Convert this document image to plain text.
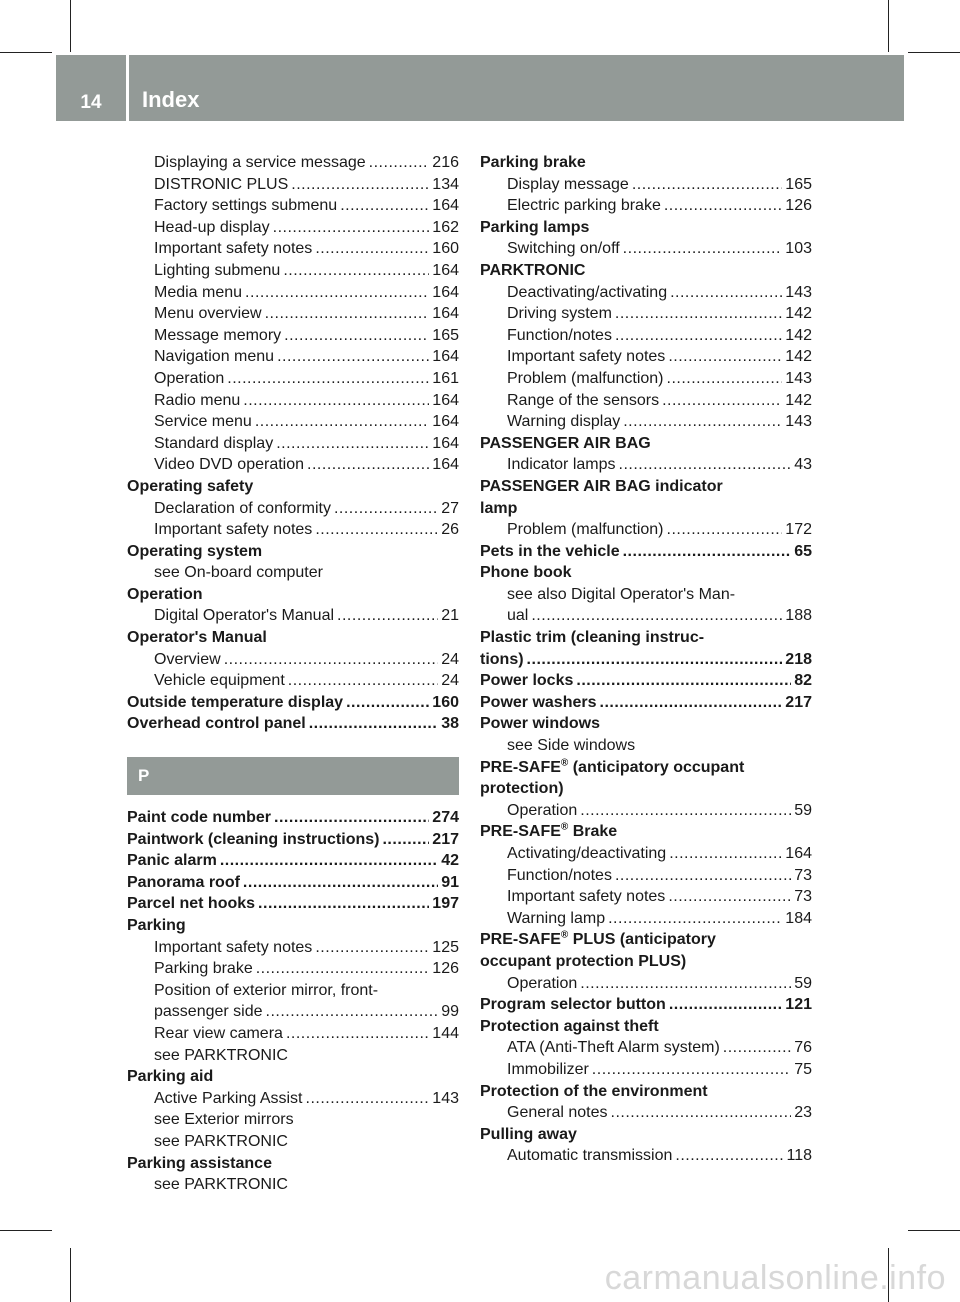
14	Index
Displaying a service message .....	216
DISTRONIC PLUS .....	134
Factory settings submenu .....	164
Head-up display .....	162
Important safety notes .....	160
Lighting submenu .....	164
Media menu .....	164
Menu overview .....	164
Message memory .....	165
Navigation menu .....	164
Operation .....	161
Radio menu .....	164
Service menu .....	164
Standard display .....	164
Video DVD operation .....	164
Operating safety
Declaration of conformity .....	27
Important safety notes .....	26
Operating system
see On-board computer
Operation
Digital Operator's Manual .....	21
Operator's Manual
Overview .....	24
Vehicle equipment .....	24
Outside temperature display .....	160
Overhead control panel .....	38
P
Paint code number .....	274
Paintwork (cleaning instructions) .....	217
Panic alarm .....	42
Panorama roof .....	91
Parcel net hooks .....	197
Parking
Important safety notes .....	125
Parking brake .....	126
Position of exterior mirror, front-
passenger side .....	99
Rear view camera .....	144
see PARKTRONIC
Parking aid
Active Parking Assist .....	143
see Exterior mirrors
see PARKTRONIC
Parking assistance
see PARKTRONIC
Parking brake
Display message .....	165
Electric parking brake .....	126
Parking lamps
Switching on/off .....	103
PARKTRONIC
Deactivating/activating .....	143
Driving system .....	142
Function/notes .....	142
Important safety notes .....	142
Problem (malfunction) .....	143
Range of the sensors .....	142
Warning display .....	143
PASSENGER AIR BAG
Indicator lamps .....	43
PASSENGER AIR BAG indicator
lamp
Problem (malfunction) .....	172
Pets in the vehicle .....	65
Phone book
see also Digital Operator's Man-
ual .....	188
Plastic trim (cleaning instruc-
tions) .....	218
Power locks .....	82
Power washers .....	217
Power windows
see Side windows
PRE-SAFE® (anticipatory occupant
protection)
Operation .....	59
PRE-SAFE® Brake
Activating/deactivating .....	164
Function/notes .....	73
Important safety notes .....	73
Warning lamp .....	184
PRE-SAFE® PLUS (anticipatory
occupant protection PLUS)
Operation .....	59
Program selector button .....	121
Protection against theft
ATA (Anti-Theft Alarm system) .....	76
Immobilizer .....	75
Protection of the environment
General notes .....	23
Pulling away
Automatic transmission .....	118
carmanualsonline.info
